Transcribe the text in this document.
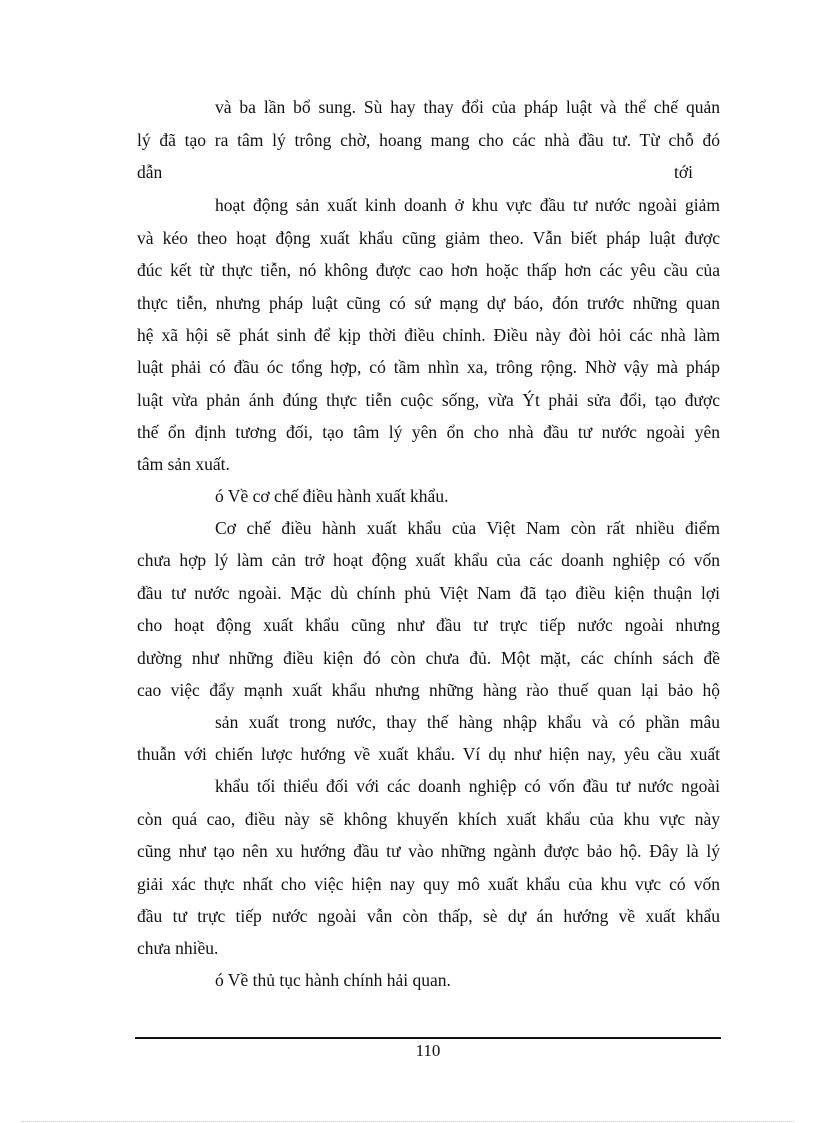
và ba lần bổ sung. Sù hay thay đổi của pháp luật và thể chế quản
lý đã tạo ra tâm lý trông chờ, hoang mang cho các nhà đầu tư. Từ chỗ đó
dẫn	tới
hoạt động sản xuất kinh doanh ở khu vực đầu tư nước ngoài giảm
và kéo theo hoạt động xuất khẩu cũng giảm theo. Vẫn biết pháp luật được
đúc kết từ thực tiễn, nó không được cao hơn hoặc thấp hơn các yêu cầu của
thực tiễn, nhưng pháp luật cũng có sứ mạng dự báo, đón trước những quan
hệ xã hội sẽ phát sinh để kịp thời điều chỉnh. Điều này đòi hỏi các nhà làm
luật phải có đầu óc tổng hợp, có tầm nhìn xa, trông rộng. Nhờ vậy mà pháp
luật vừa phản ánh đúng thực tiễn cuộc sống, vừa Ýt phải sửa đổi, tạo được
thế ổn định tương đối, tạo tâm lý yên ổn cho nhà đầu tư nước ngoài yên
tâm sản xuất.
ó Về cơ chế điều hành xuất khẩu.
Cơ chế điều hành xuất khẩu của Việt Nam còn rất nhiều điểm
chưa hợp lý làm cản trở hoạt động xuất khẩu của các doanh nghiệp có vốn
đầu tư nước ngoài. Mặc dù chính phủ Việt Nam đã tạo điều kiện thuận lợi
cho hoạt động xuất khẩu cũng như đầu tư trực tiếp nước ngoài nhưng
dường như những điều kiện đó còn chưa đủ. Một mặt, các chính sách đề
cao việc đẩy mạnh xuất khẩu nhưng những hàng rào thuế quan lại bảo hộ
sản xuất trong nước, thay thế hàng nhập khẩu và có phần mâu
thuẫn với chiến lược hướng về xuất khẩu. Ví dụ như hiện nay, yêu cầu xuất
khẩu tối thiểu đối với các doanh nghiệp có vốn đầu tư nước ngoài
còn quá cao, điều này sẽ không khuyến khích xuất khẩu của khu vực này
cũng như tạo nên xu hướng đầu tư vào những ngành được bảo hộ. Đây là lý
giải xác thực nhất cho việc hiện nay quy mô xuất khẩu của khu vực có vốn
đầu tư trực tiếp nước ngoài vẫn còn thấp, sè dự án hướng về xuất khẩu
chưa nhiều.
ó Về thủ tục hành chính hải quan.
110
